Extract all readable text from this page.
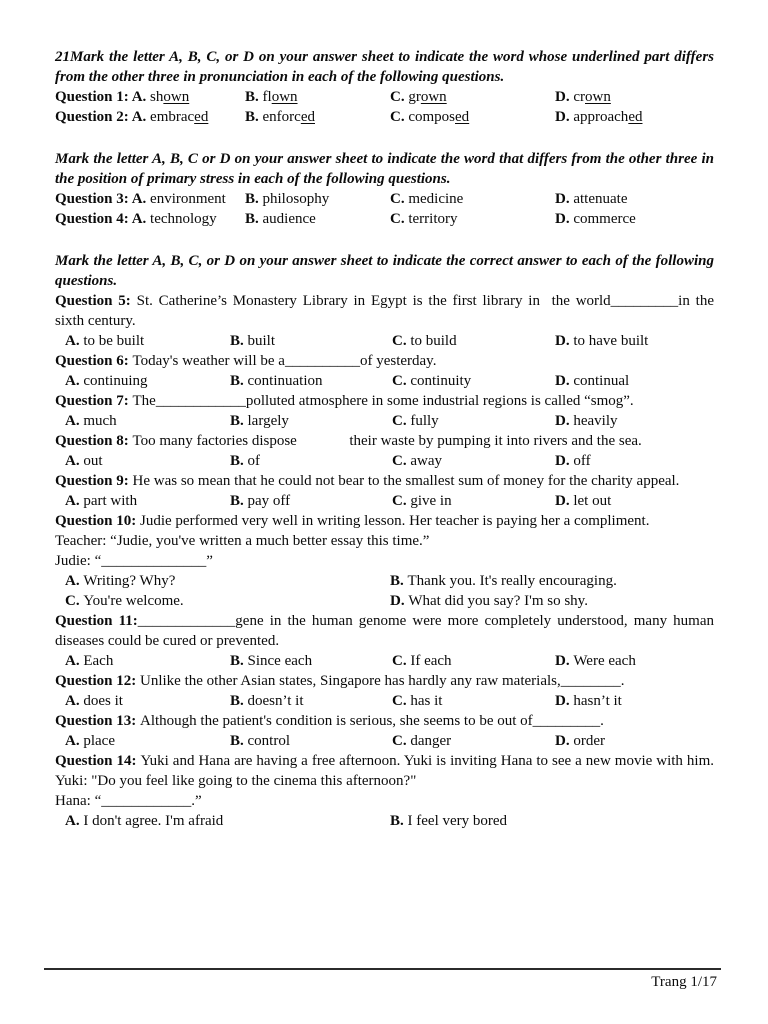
21Mark the letter A, B, C, or D on your answer sheet to indicate the word whose underlined part differs from the other three in pronunciation in each of the following questions.

Question 1: A. shown	B. flown	C. grown	D. crown
Question 2: A. embraced	B. enforced	C. composed	D. approached

Mark the letter A, B, C or D on your answer sheet to indicate the word that differs from the other three in the position of primary stress in each of the following questions.

Question 3: A. environment	B. philosophy	C. medicine	D. attenuate
Question 4: A. technology	B. audience	C. territory	D. commerce

Mark the letter A, B, C, or D on your answer sheet to indicate the correct answer to each of the following questions.

Question 5: St. Catherine’s Monastery Library in Egypt is the first library in  the world_________in the sixth century.

A. to be built	B. built	C. to build	D. to have built

Question 6: Today's weather will be a__________of yesterday.

A. continuing	B. continuation	C. continuity	D. continual

Question 7: The____________polluted atmosphere in some industrial regions is called “smog”.

A. much	B. largely	C. fully	D. heavily

Question 8: Too many factories dispose              their waste by pumping it into rivers and the sea.

A. out	B. of	C. away	D. off

Question 9: He was so mean that he could not bear to the smallest sum of money for the charity appeal.

A. part with	B. pay off	C. give in	D. let out

Question 10: Judie performed very well in writing lesson. Her teacher is paying her a compliment.

Teacher: “Judie, you've written a much better essay this time.”

Judie: “______________”

A. Writing? Why?	B. Thank you. It's really encouraging.
C. You're welcome.	D. What did you say? I'm so shy.

Question 11:_____________gene in the human genome were more completely understood, many human diseases could be cured or prevented.

A. Each	B. Since each	C. If each	D. Were each

Question 12: Unlike the other Asian states, Singapore has hardly any raw materials,________.

A. does it	B. doesn’t it	C. has it	D. hasn’t it

Question 13: Although the patient's condition is serious, she seems to be out of_________.

A. place	B. control	C. danger	D. order

Question 14: Yuki and Hana are having a free afternoon. Yuki is inviting Hana to see a new movie with him. Yuki: "Do you feel like going to the cinema this afternoon?"

Hana: “____________.”

A. I don't agree. I'm afraid	B. I feel very bored
Trang 1/17
